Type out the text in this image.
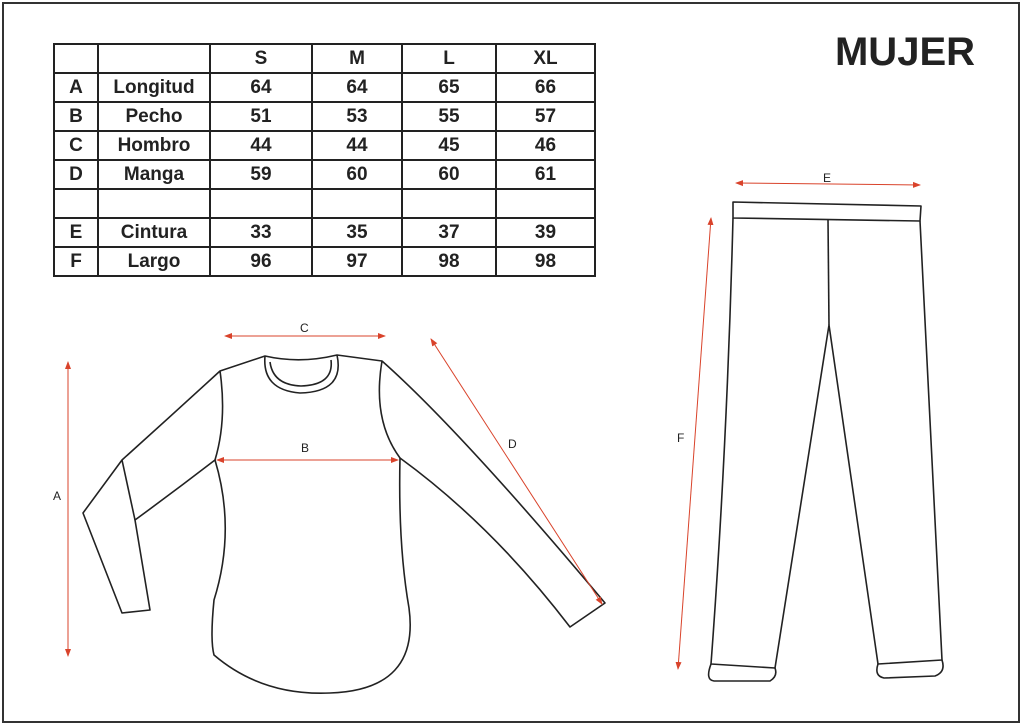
MUJER
		S	M	L	XL
A	Longitud	64	64	65	66
B	Pecho	51	53	55	57
C	Hombro	44	44	45	46
D	Manga	59	60	60	61

E	Cintura	33	35	37	39
F	Largo	96	97	98	98
A
B
C
D
E
F
